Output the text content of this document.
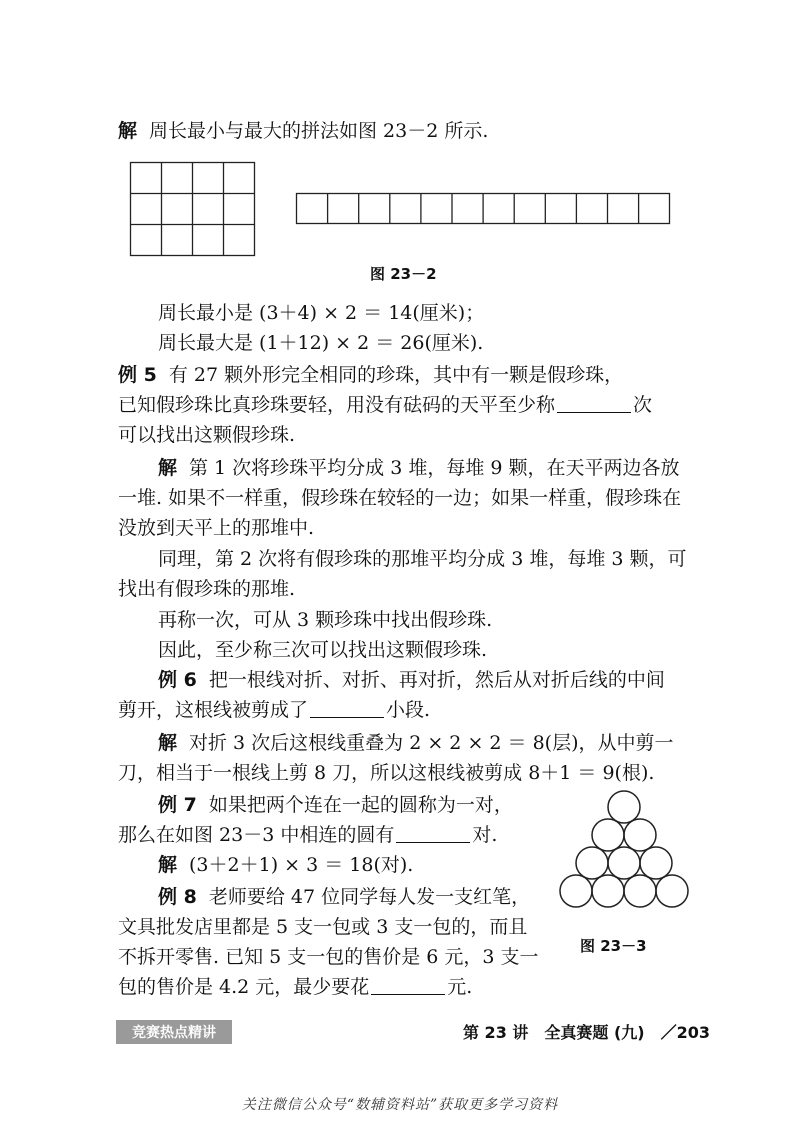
解 周长最小与最大的拼法如图 23－2 所示.
图 23－2
周长最小是 (3＋4) × 2 ＝ 14(厘米)；
周长最大是 (1＋12) × 2 ＝ 26(厘米).
例 5 有 27 颗外形完全相同的珍珠，其中有一颗是假珍珠，
已知假珍珠比真珍珠要轻，用没有砝码的天平至少称	次
可以找出这颗假珍珠.
解 第 1 次将珍珠平均分成 3 堆，每堆 9 颗，在天平两边各放
一堆. 如果不一样重，假珍珠在较轻的一边；如果一样重，假珍珠在
没放到天平上的那堆中.
同理，第 2 次将有假珍珠的那堆平均分成 3 堆，每堆 3 颗，可
找出有假珍珠的那堆.
再称一次，可从 3 颗珍珠中找出假珍珠.
因此，至少称三次可以找出这颗假珍珠.
例 6 把一根线对折、对折、再对折，然后从对折后线的中间
剪开，这根线被剪成了	小段.
解 对折 3 次后这根线重叠为 2 × 2 × 2 ＝ 8(层)，从中剪一
刀，相当于一根线上剪 8 刀，所以这根线被剪成 8＋1 ＝ 9(根).
例 7 如果把两个连在一起的圆称为一对，
那么在如图 23－3 中相连的圆有	对.
解 (3＋2＋1) × 3 ＝ 18(对).
例 8 老师要给 47 位同学每人发一支红笔，
文具批发店里都是 5 支一包或 3 支一包的，而且
不拆开零售. 已知 5 支一包的售价是 6 元，3 支一
包的售价是 4.2 元，最少要花	元.
图 23－3
竞赛热点精讲	第 23 讲　全真赛题 (九)　／203
关注微信公众号“数辅资料站”获取更多学习资料
